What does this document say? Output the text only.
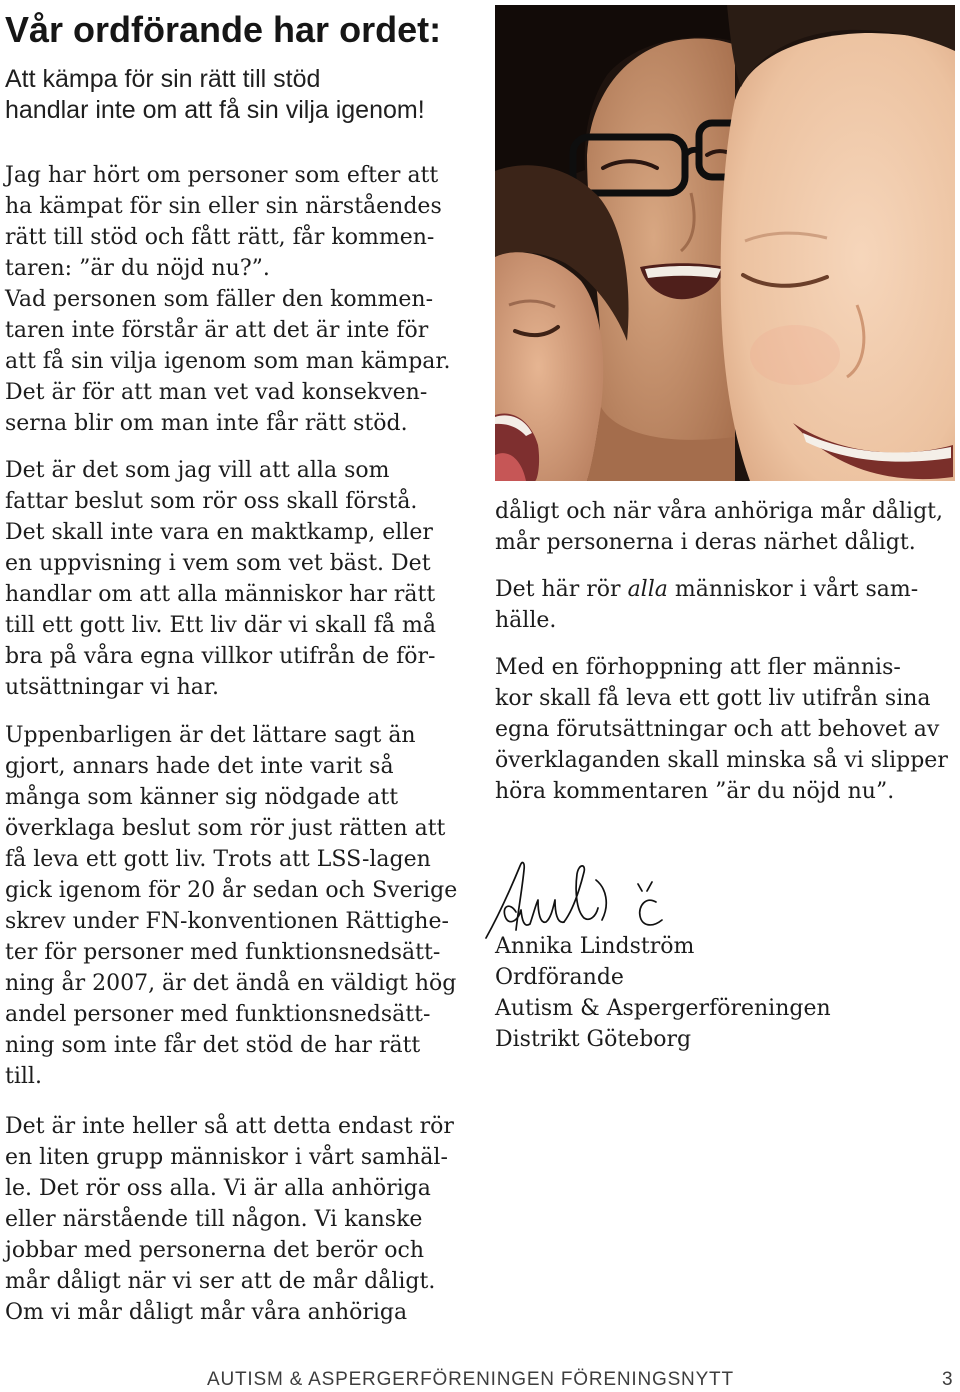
Vår ordförande har ordet:
Att kämpa för sin rätt till stöd
handlar inte om att få sin vilja igenom!
Jag har hört om personer som efter att
ha kämpat för sin eller sin närståendes
rätt till stöd och fått rätt, får kommen-
taren: ”är du nöjd nu?”.
Vad personen som fäller den kommen-
taren inte förstår är att det är inte för
att få sin vilja igenom som man kämpar.
Det är för att man vet vad konsekven-
serna blir om man inte får rätt stöd.
Det är det som jag vill att alla som
fattar beslut som rör oss skall förstå.
Det skall inte vara en maktkamp, eller
en uppvisning i vem som vet bäst. Det
handlar om att alla människor har rätt
till ett gott liv. Ett liv där vi skall få må
bra på våra egna villkor utifrån de för-
utsättningar vi har.
Uppenbarligen är det lättare sagt än
gjort, annars hade det inte varit så
många som känner sig nödgade att
överklaga beslut som rör just rätten att
få leva ett gott liv. Trots att LSS-lagen
gick igenom för 20 år sedan och Sverige
skrev under FN-konventionen Rättighe-
ter för personer med funktionsnedsätt-
ning år 2007, är det ändå en väldigt hög
andel personer med funktionsnedsätt-
ning som inte får det stöd de har rätt
till.
Det är inte heller så att detta endast rör
en liten grupp människor i vårt samhäl-
le. Det rör oss alla. Vi är alla anhöriga
eller närstående till någon. Vi kanske
jobbar med personerna det berör och
mår dåligt när vi ser att de mår dåligt.
Om vi mår dåligt mår våra anhöriga
dåligt och när våra anhöriga mår dåligt,
mår personerna i deras närhet dåligt.
Det här rör alla människor i vårt sam-
hälle.
Med en förhoppning att fler männis-
kor skall få leva ett gott liv utifrån sina
egna förutsättningar och att behovet av
överklaganden skall minska så vi slipper
höra kommentaren ”är du nöjd nu”.
Annika Lindström
Ordförande
Autism & Aspergerföreningen
Distrikt Göteborg
AUTISM & ASPERGERFÖRENINGEN FÖRENINGSNYTT	3
